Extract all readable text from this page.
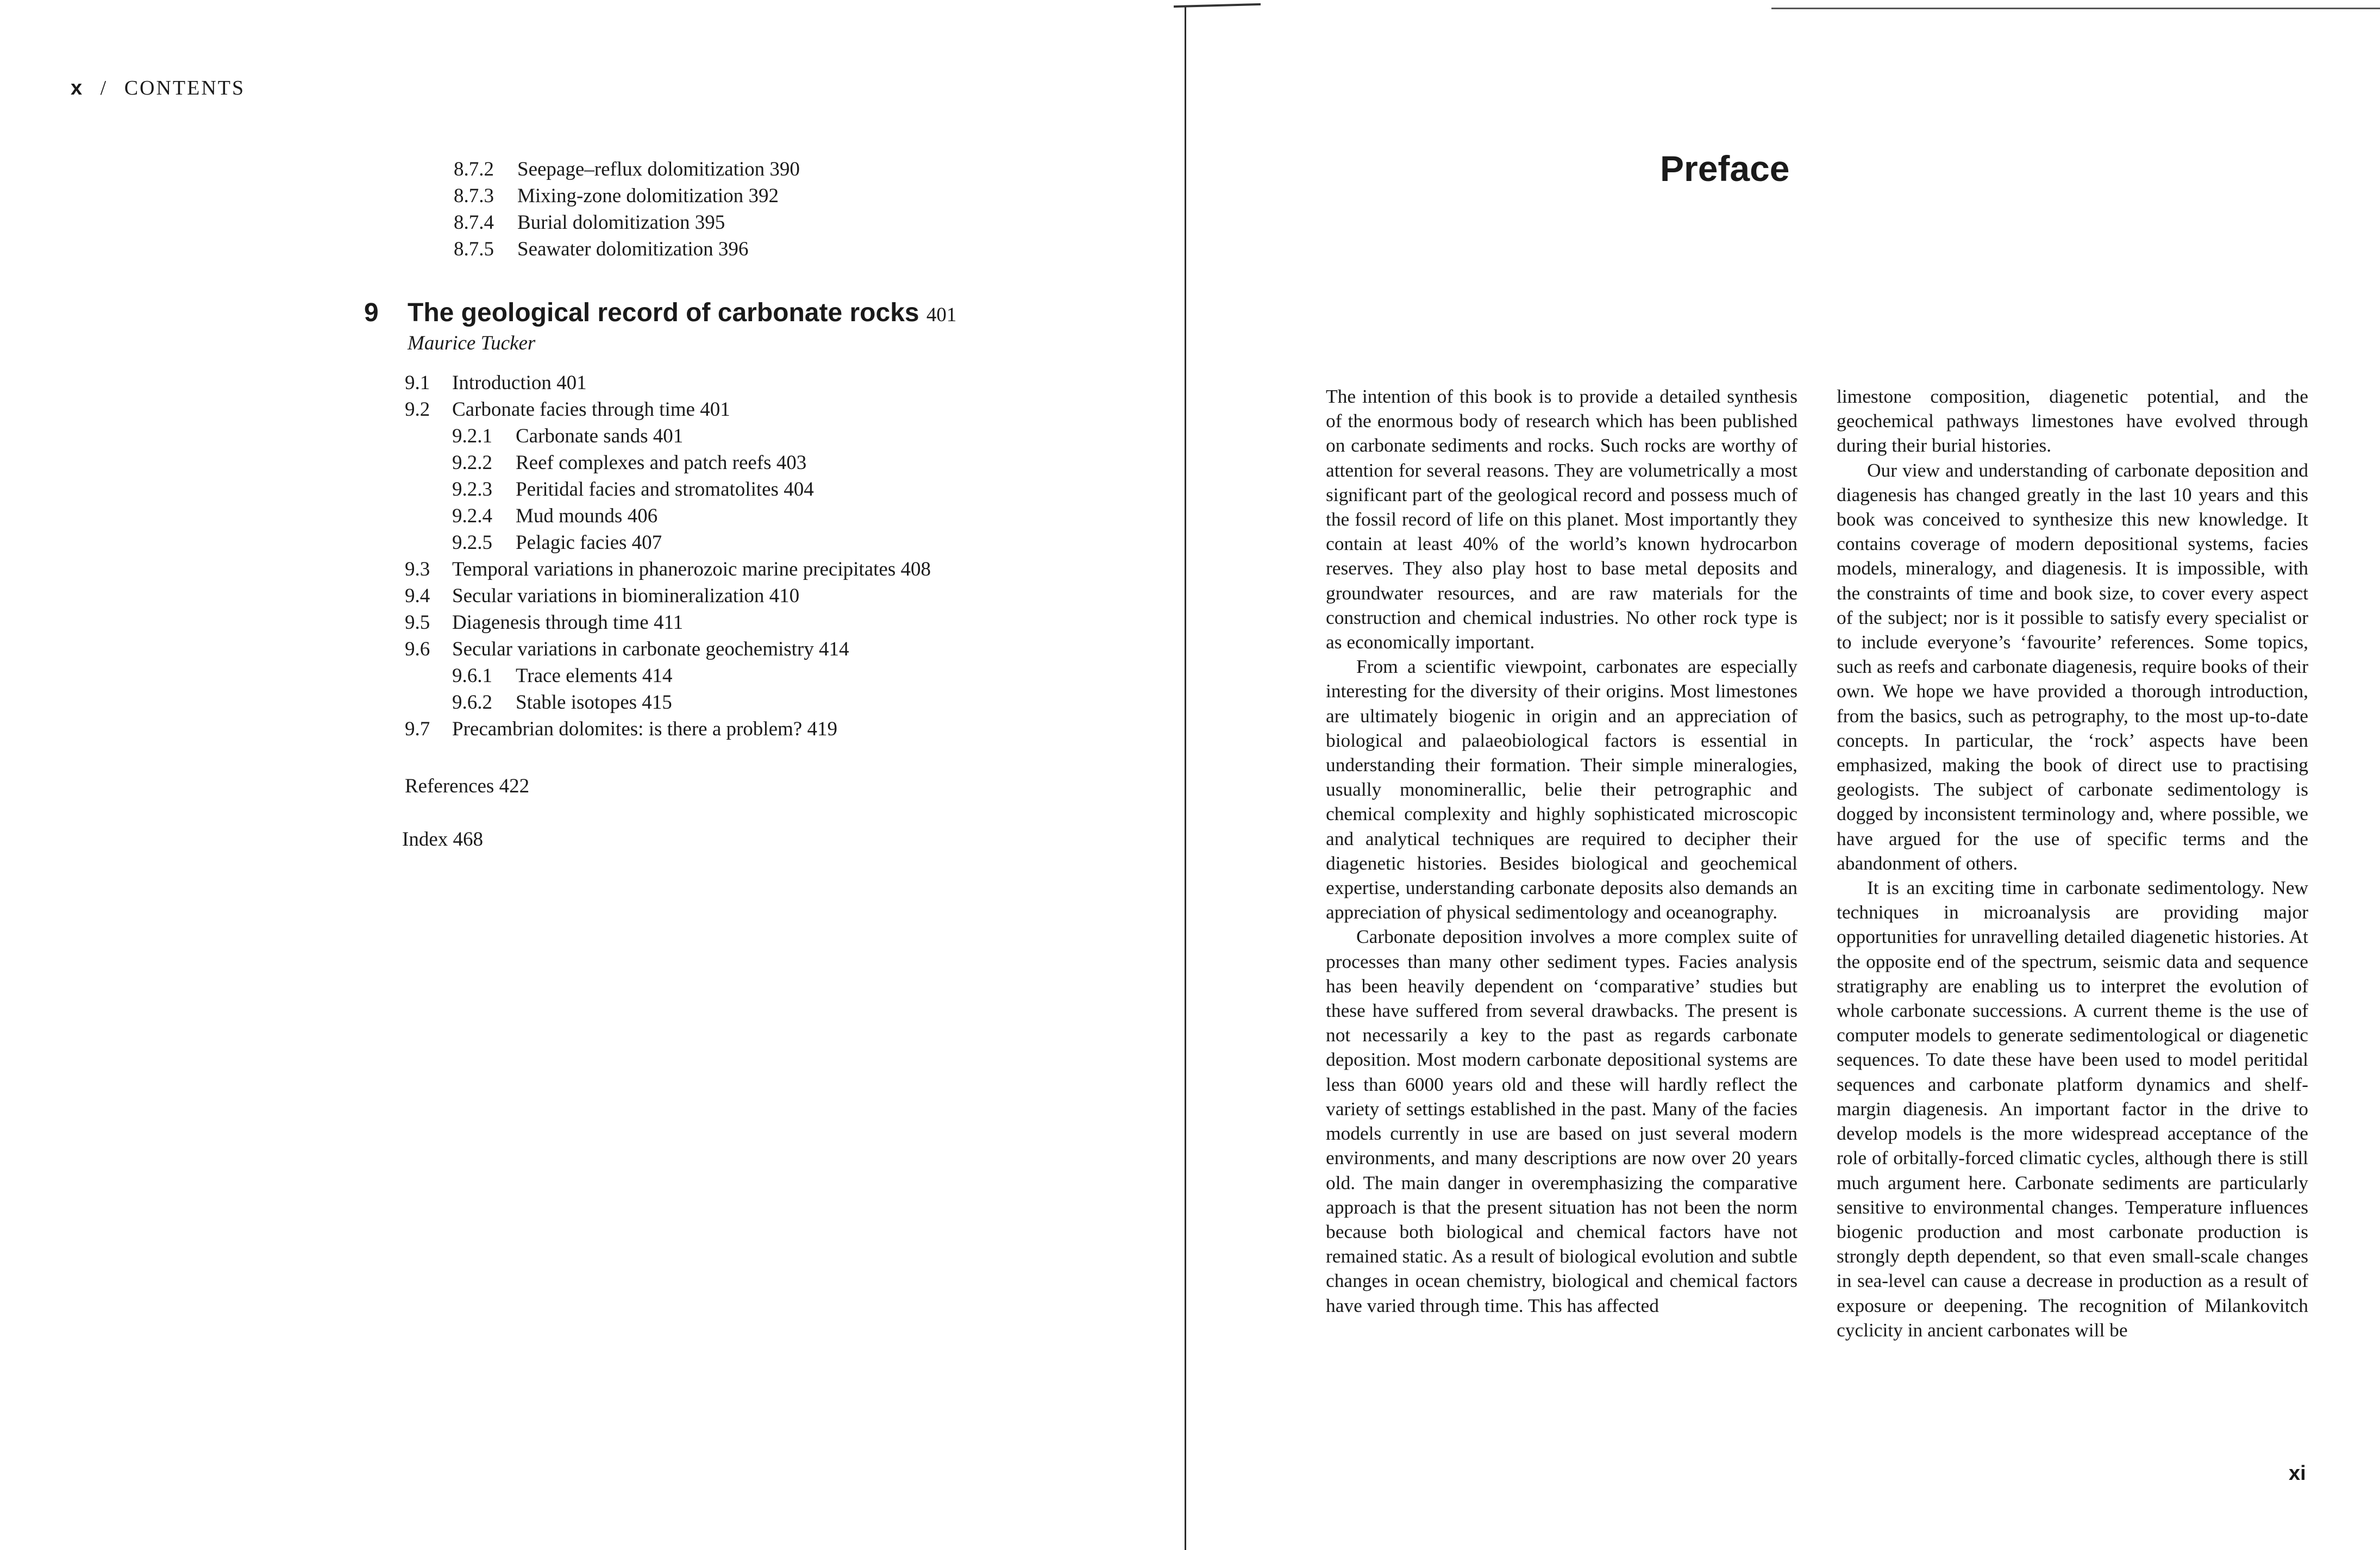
x / CONTENTS
8.7.2 Seepage–reflux dolomitization 390
8.7.3 Mixing-zone dolomitization 392
8.7.4 Burial dolomitization 395
8.7.5 Seawater dolomitization 396
9 The geological record of carbonate rocks 401
Maurice Tucker
9.1 Introduction 401
9.2 Carbonate facies through time 401
9.2.1 Carbonate sands 401
9.2.2 Reef complexes and patch reefs 403
9.2.3 Peritidal facies and stromatolites 404
9.2.4 Mud mounds 406
9.2.5 Pelagic facies 407
9.3 Temporal variations in phanerozoic marine precipitates 408
9.4 Secular variations in biomineralization 410
9.5 Diagenesis through time 411
9.6 Secular variations in carbonate geochemistry 414
9.6.1 Trace elements 414
9.6.2 Stable isotopes 415
9.7 Precambrian dolomites: is there a problem? 419
References 422
Index 468
Preface

The intention of this book is to provide a detailed synthesis of the enormous body of research which has been published on carbonate sediments and rocks. Such rocks are worthy of attention for several reasons. They are volumetrically a most significant part of the geological record and possess much of the fossil record of life on this planet. Most importantly they contain at least 40% of the world’s known hydrocarbon reserves. They also play host to base metal deposits and groundwater resources, and are raw materials for the construction and chemical industries. No other rock type is as economically important.

From a scientific viewpoint, carbonates are especially interesting for the diversity of their origins. Most limestones are ultimately biogenic in origin and an appreciation of biological and palaeobiological factors is essential in understanding their formation. Their simple mineralogies, usually monominerallic, belie their petrographic and chemical complexity and highly sophisticated microscopic and analytical techniques are required to decipher their diagenetic histories. Besides biological and geochemical expertise, understanding carbonate deposits also demands an appreciation of physical sedimentology and oceanography.

Carbonate deposition involves a more complex suite of processes than many other sediment types. Facies analysis has been heavily dependent on ‘comparative’ studies but these have suffered from several drawbacks. The present is not necessarily a key to the past as regards carbonate deposition. Most modern carbonate depositional systems are less than 6000 years old and these will hardly reflect the variety of settings established in the past. Many of the facies models currently in use are based on just several modern environments, and many descriptions are now over 20 years old. The main danger in overemphasizing the comparative approach is that the present situation has not been the norm because both biological and chemical factors have not remained static. As a result of biological evolution and subtle changes in ocean chemistry, biological and chemical factors have varied through time. This has affected

limestone composition, diagenetic potential, and the geochemical pathways limestones have evolved through during their burial histories.

Our view and understanding of carbonate deposition and diagenesis has changed greatly in the last 10 years and this book was conceived to synthesize this new knowledge. It contains coverage of modern depositional systems, facies models, mineralogy, and diagenesis. It is impossible, with the constraints of time and book size, to cover every aspect of the subject; nor is it possible to satisfy every specialist or to include everyone’s ‘favourite’ references. Some topics, such as reefs and carbonate diagenesis, require books of their own. We hope we have provided a thorough introduction, from the basics, such as petrography, to the most up-to-date concepts. In particular, the ‘rock’ aspects have been emphasized, making the book of direct use to practising geologists. The subject of carbonate sedimentology is dogged by inconsistent terminology and, where possible, we have argued for the use of specific terms and the abandonment of others.

It is an exciting time in carbonate sedimentology. New techniques in microanalysis are providing major opportunities for unravelling detailed diagenetic histories. At the opposite end of the spectrum, seismic data and sequence stratigraphy are enabling us to interpret the evolution of whole carbonate successions. A current theme is the use of computer models to generate sedimentological or diagenetic sequences. To date these have been used to model peritidal sequences and carbonate platform dynamics and shelf-margin diagenesis. An important factor in the drive to develop models is the more widespread acceptance of the role of orbitally-forced climatic cycles, although there is still much argument here. Carbonate sediments are particularly sensitive to environmental changes. Temperature influences biogenic production and most carbonate production is strongly depth dependent, so that even small-scale changes in sea-level can cause a decrease in production as a result of exposure or deepening. The recognition of Milankovitch cyclicity in ancient carbonates will be

xi
